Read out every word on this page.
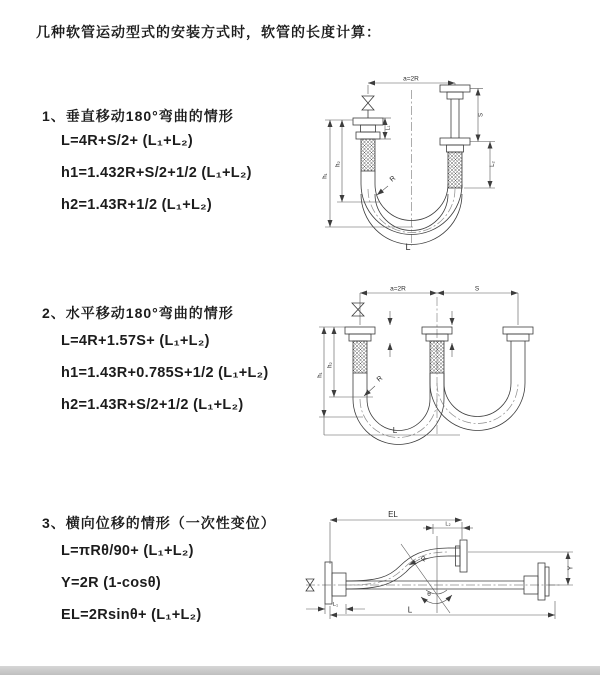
几种软管运动型式的安装方式时，软管的长度计算：
1、垂直移动180°弯曲的情形
L=4R+S/2+ (L₁+L₂)
h1=1.432R+S/2+1/2 (L₁+L₂)
h2=1.43R+1/2 (L₁+L₂)
2、水平移动180°弯曲的情形
L=4R+1.57S+ (L₁+L₂)
h1=1.43R+0.785S+1/2 (L₁+L₂)
h2=1.43R+S/2+1/2 (L₁+L₂)
3、横向位移的情形（一次性变位）
L=πRθ/90+ (L₁+L₂)
Y=2R (1-cosθ)
EL=2Rsinθ+ (L₁+L₂)
a=2R
h₁
h₂
L₁
S
L₂
R
L
a=2R	S
h₁
h₂
L
R
EL
L₂
Y
L
L₁
θ
R
